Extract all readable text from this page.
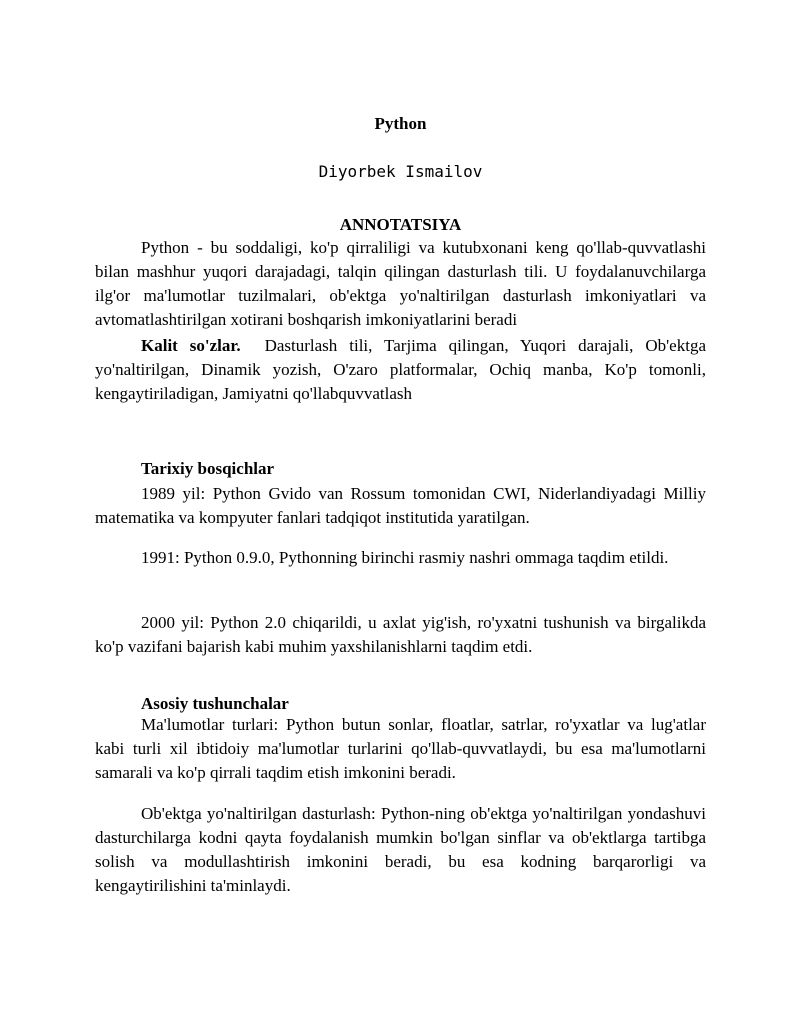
Python
Diyorbek Ismailov
ANNOTATSIYA

Python - bu soddaligi, ko'p qirraliligi va kutubxonani keng qo'llab-quvvatlashi bilan mashhur yuqori darajadagi, talqin qilingan dasturlash tili. U foydalanuvchilarga ilg'or ma'lumotlar tuzilmalari, ob'ektga yo'naltirilgan dasturlash imkoniyatlari va avtomatlashtirilgan xotirani boshqarish imkoniyatlarini beradi

Kalit so'zlar. Dasturlash tili, Tarjima qilingan, Yuqori darajali, Ob'ektga yo'naltirilgan, Dinamik yozish, O'zaro platformalar, Ochiq manba, Ko'p tomonli, kengaytiriladigan, Jamiyatni qo'llabquvvatlash

Tarixiy bosqichlar

1989 yil: Python Gvido van Rossum tomonidan CWI, Niderlandiyadagi Milliy matematika va kompyuter fanlari tadqiqot institutida yaratilgan.

1991: Python 0.9.0, Pythonning birinchi rasmiy nashri ommaga taqdim etildi.

2000 yil: Python 2.0 chiqarildi, u axlat yig'ish, ro'yxatni tushunish va birgalikda ko'p vazifani bajarish kabi muhim yaxshilanishlarni taqdim etdi.

Asosiy tushunchalar

Ma'lumotlar turlari: Python butun sonlar, floatlar, satrlar, ro'yxatlar va lug'atlar kabi turli xil ibtidoiy ma'lumotlar turlarini qo'llab-quvvatlaydi, bu esa ma'lumotlarni samarali va ko'p qirrali taqdim etish imkonini beradi.

Ob'ektga yo'naltirilgan dasturlash: Python-ning ob'ektga yo'naltirilgan yondashuvi dasturchilarga kodni qayta foydalanish mumkin bo'lgan sinflar va ob'ektlarga tartibga solish va modullashtirish imkonini beradi, bu esa kodning barqarorligi va kengaytirilishini ta'minlaydi.
